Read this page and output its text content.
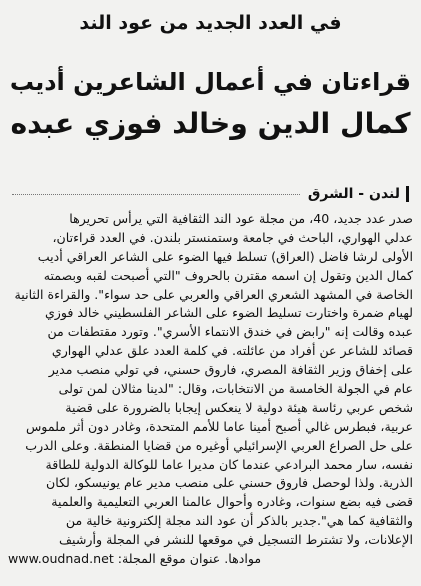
في العدد الجديد من عود الند
قراءتان في أعمال الشاعرين أديب
كمال الدين وخالد فوزي عبده
لندن - الشرق
صدر عدد جديد، 40، من مجلة عود الند الثقافية التي يرأس تحريرها
عدلي الهواري، الباحث في جامعة وستمنستر بلندن. في العدد قراءتان،
الأولى لرشا فاضل (العراق) تسلط فيها الضوء على الشاعر العراقي أديب
كمال الدين وتقول إن اسمه مقترن بالحروف "التي أصبحت لقبه وبصمته
الخاصة في المشهد الشعري العراقي والعربي على حد سواء". والقراءة الثانية
لهيام ضمرة واختارت تسليط الضوء على الشاعر الفلسطيني خالد فوزي
عبده وقالت إنه "رابض في خندق الانتماء الأسري". وتورد مقتطفات من
قصائد للشاعر عن أفراد من عائلته. في كلمة العدد علق عدلي الهواري
على إخفاق وزير الثقافة المصري، فاروق حسني، في تولي منصب مدير
عام في الجولة الخامسة من الانتخابات، وقال: "لدينا مثالان لمن تولى
شخص عربي رئاسة هيئة دولية لا ينعكس إيجابا بالضرورة على قضية
عربية، فبطرس غالي أصبح أمينا عاما للأمم المتحدة، وغادر دون أثر ملموس
على حل الصراع العربي الإسرائيلي أوغيره من قضايا المنطقة. وعلى الدرب
نفسه، سار محمد البرادعي عندما كان مديرا عاما للوكالة الدولية للطاقة
الذرية. ولذا لوحصل فاروق حسني على منصب مدير عام يونيسكو، لكان
قضى فيه بضع سنوات، وغادره وأحوال عالمنا العربي التعليمية والعلمية
والثقافية كما هي".جدير بالذكر أن عود الند مجلة إلكترونية خالية من
الإعلانات، ولا تشترط التسجيل في موقعها للنشر في المجلة وأرشيف
موادها. عنوان موقع المجلة: www.oudnad.net
